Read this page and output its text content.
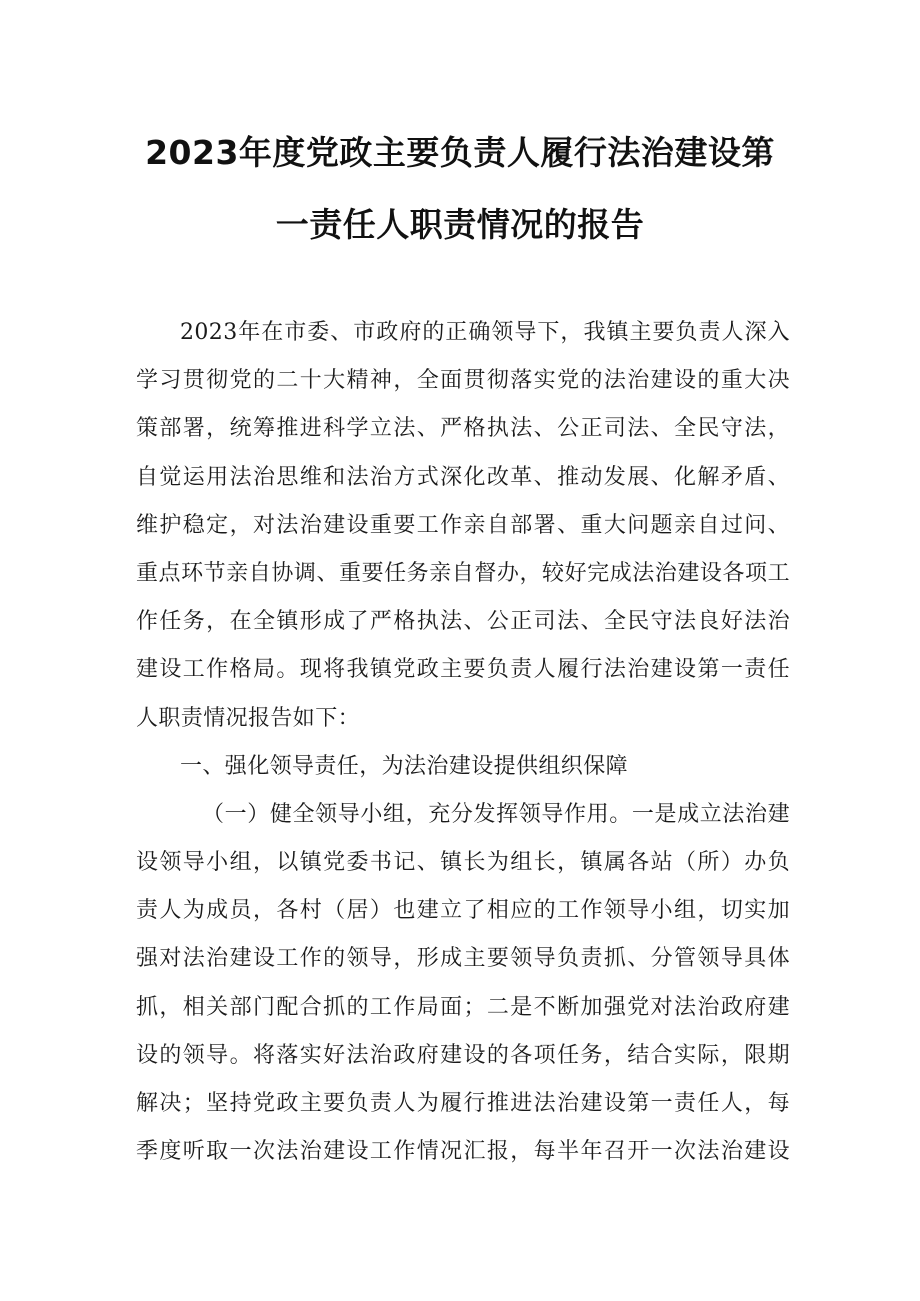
2023年度党政主要负责人履行法治建设第
一责任人职责情况的报告
2023年在市委、市政府的正确领导下，我镇主要负责人深入
学习贯彻党的二十大精神，全面贯彻落实党的法治建设的重大决
策部署，统筹推进科学立法、严格执法、公正司法、全民守法，
自觉运用法治思维和法治方式深化改革、推动发展、化解矛盾、
维护稳定，对法治建设重要工作亲自部署、重大问题亲自过问、
重点环节亲自协调、重要任务亲自督办，较好完成法治建设各项工
作任务，在全镇形成了严格执法、公正司法、全民守法良好法治
建设工作格局。现将我镇党政主要负责人履行法治建设第一责任
人职责情况报告如下：
一、强化领导责任，为法治建设提供组织保障
（一）健全领导小组，充分发挥领导作用。一是成立法治建
设领导小组，以镇党委书记、镇长为组长，镇属各站（所）办负
责人为成员，各村（居）也建立了相应的工作领导小组，切实加
强对法治建设工作的领导，形成主要领导负责抓、分管领导具体
抓，相关部门配合抓的工作局面；二是不断加强党对法治政府建
设的领导。将落实好法治政府建设的各项任务，结合实际，限期
解决；坚持党政主要负责人为履行推进法治建设第一责任人，每
季度听取一次法治建设工作情况汇报，每半年召开一次法治建设
